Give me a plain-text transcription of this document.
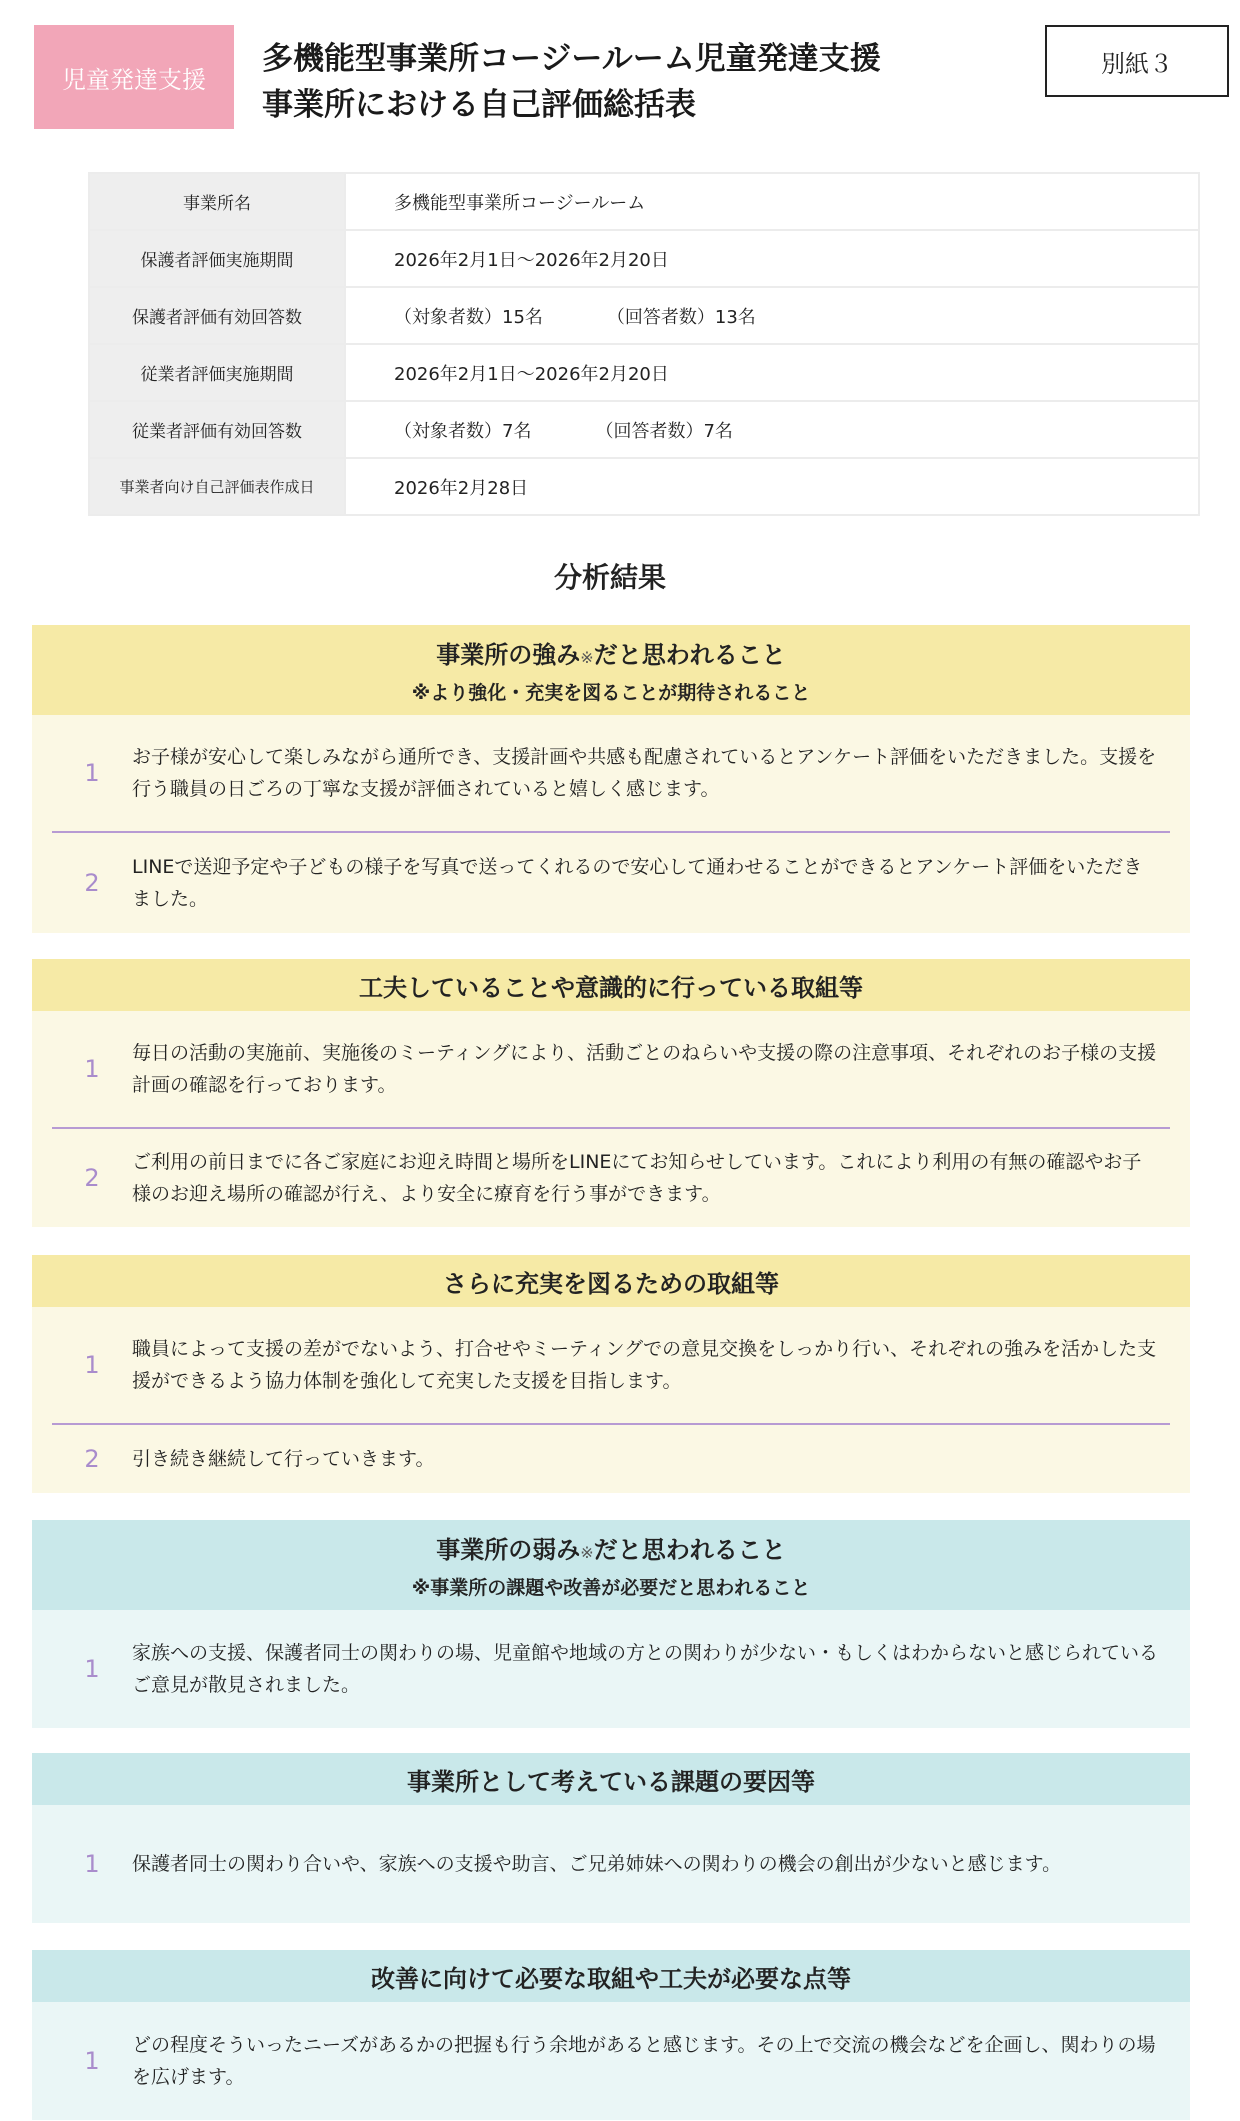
児童発達支援
多機能型事業所コージールーム児童発達支援
事業所における自己評価総括表
別紙３
事業所名	多機能型事業所コージールーム
保護者評価実施期間	2026年2月1日〜2026年2月20日
保護者評価有効回答数	（対象者数）15名 （回答者数）13名
従業者評価実施期間	2026年2月1日〜2026年2月20日
従業者評価有効回答数	（対象者数）7名 （回答者数）7名
事業者向け自己評価表作成日	2026年2月28日
分析結果
事業所の強み※だと思われること
※より強化・充実を図ることが期待されること
1
お子様が安心して楽しみながら通所でき、支援計画や共感も配慮されているとアンケート評価をいただきました。支援を行う職員の日ごろの丁寧な支援が評価されていると嬉しく感じます。
2
LINEで送迎予定や子どもの様子を写真で送ってくれるので安心して通わせることができるとアンケート評価をいただきました。
工夫していることや意識的に行っている取組等
1
毎日の活動の実施前、実施後のミーティングにより、活動ごとのねらいや支援の際の注意事項、それぞれのお子様の支援計画の確認を行っております。
2
ご利用の前日までに各ご家庭にお迎え時間と場所をLINEにてお知らせしています。これにより利用の有無の確認やお子様のお迎え場所の確認が行え、より安全に療育を行う事ができます。
さらに充実を図るための取組等
1
職員によって支援の差がでないよう、打合せやミーティングでの意見交換をしっかり行い、それぞれの強みを活かした支援ができるよう協力体制を強化して充実した支援を目指します。
2	引き続き継続して行っていきます。
事業所の弱み※だと思われること
※事業所の課題や改善が必要だと思われること
1
家族への支援、保護者同士の関わりの場、児童館や地域の方との関わりが少ない・もしくはわからないと感じられているご意見が散見されました。
事業所として考えている課題の要因等
1	保護者同士の関わり合いや、家族への支援や助言、ご兄弟姉妹への関わりの機会の創出が少ないと感じます。
改善に向けて必要な取組や工夫が必要な点等
1
どの程度そういったニーズがあるかの把握も行う余地があると感じます。その上で交流の機会などを企画し、関わりの場を広げます。
